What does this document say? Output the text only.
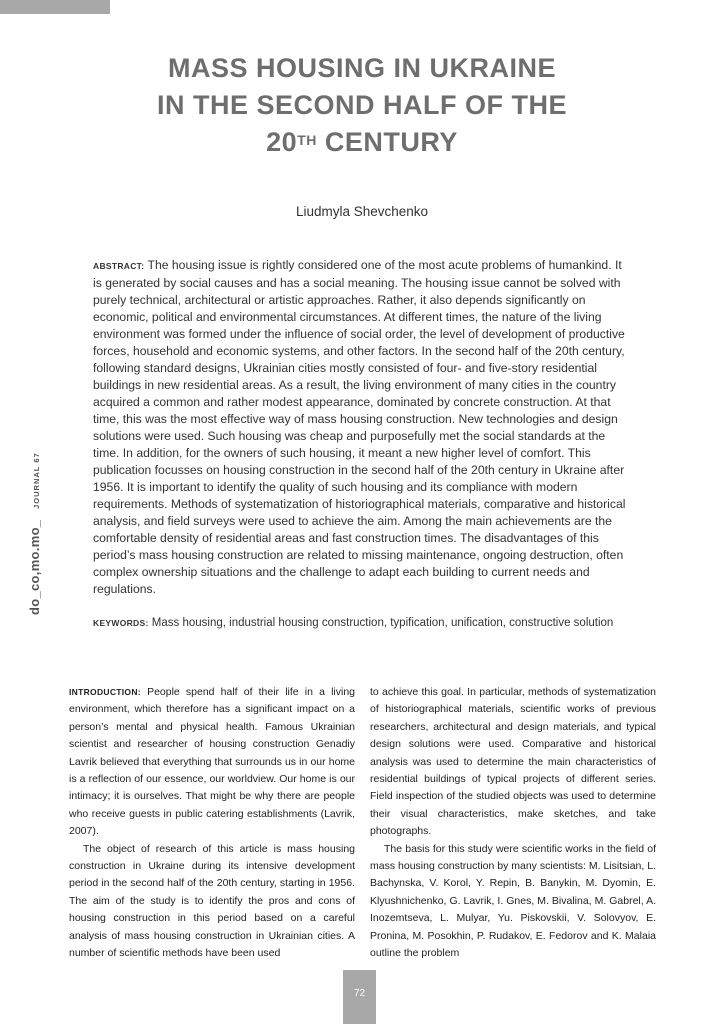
MASS HOUSING IN UKRAINE
IN THE SECOND HALF OF THE
20TH CENTURY
Liudmyla Shevchenko
do_co,mo.mo_ JOURNAL 67
ABSTRACT: The housing issue is rightly considered one of the most acute problems of humankind. It is generated by social causes and has a social meaning. The housing issue cannot be solved with purely technical, architectural or artistic approaches. Rather, it also depends significantly on economic, political and environmental circumstances. At different times, the nature of the living environment was formed under the influence of social order, the level of development of productive forces, household and economic systems, and other factors. In the second half of the 20th century, following standard designs, Ukrainian cities mostly consisted of four- and five-story residential buildings in new residential areas. As a result, the living environment of many cities in the country acquired a common and rather modest appearance, dominated by concrete construction. At that time, this was the most effective way of mass housing construction. New technologies and design solutions were used. Such housing was cheap and purposefully met the social standards at the time. In addition, for the owners of such housing, it meant a new higher level of comfort. This publication focusses on housing construction in the second half of the 20th century in Ukraine after 1956. It is important to identify the quality of such housing and its compliance with modern requirements. Methods of systematization of historiographical materials, comparative and historical analysis, and field surveys were used to achieve the aim. Among the main achievements are the comfortable density of residential areas and fast construction times. The disadvantages of this period’s mass housing construction are related to missing maintenance, ongoing destruction, often complex ownership situations and the challenge to adapt each building to current needs and regulations.
KEYWORDS: Mass housing, industrial housing construction, typification, unification, constructive solution

INTRODUCTION: People spend half of their life in a living environment, which therefore has a significant impact on a person’s mental and physical health. Famous Ukrainian scientist and researcher of housing construction Genadiy Lavrik believed that everything that surrounds us in our home is a reflection of our essence, our worldview. Our home is our intimacy; it is ourselves. That might be why there are people who receive guests in public catering establishments (Lavrik, 2007).

The object of research of this article is mass housing construction in Ukraine during its intensive development period in the second half of the 20th century, starting in 1956. The aim of the study is to identify the pros and cons of housing construction in this period based on a careful analysis of mass housing construction in Ukrainian cities. A number of scientific methods have been used

to achieve this goal. In particular, methods of systematization of historiographical materials, scientific works of previous researchers, architectural and design materials, and typical design solutions were used. Comparative and historical analysis was used to determine the main characteristics of residential buildings of typical projects of different series. Field inspection of the studied objects was used to determine their visual characteristics, make sketches, and take photographs.

The basis for this study were scientific works in the field of mass housing construction by many scientists: M. Lisitsian, L. Bachynska, V. Korol, Y. Repin, B. Banykin, M. Dyomin, E. Klyushnichenko, G. Lavrik, I. Gnes, M. Bivalina, M. Gabrel, A. Inozemtseva, L. Mulyar, Yu. Piskovskii, V. Solovyov, E. Pronina, M. Posokhin, P. Rudakov, E. Fedorov and K. Malaia outline the problem

72
